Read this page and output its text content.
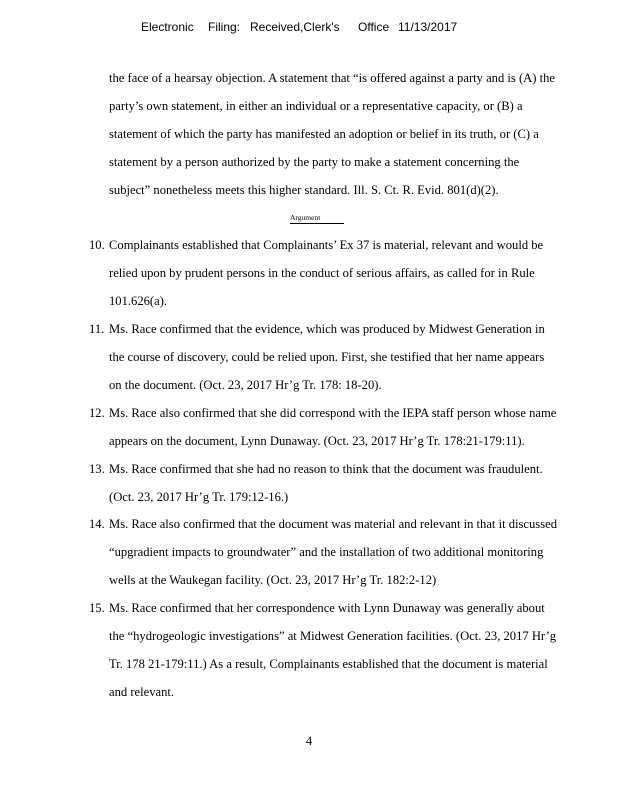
Electronic Filing: Received,Clerk's Office 11/13/2017
the face of a hearsay objection. A statement that “is offered against a party and is (A) the
party’s own statement, in either an individual or a representative capacity, or (B) a
statement of which the party has manifested an adoption or belief in its truth, or (C) a
statement by a person authorized by the party to make a statement concerning the
subject” nonetheless meets this higher standard. Ill. S. Ct. R. Evid. 801(d)(2).
Argument
10. Complainants established that Complainants’ Ex 37 is material, relevant and would be
relied upon by prudent persons in the conduct of serious affairs, as called for in Rule
101.626(a).
11. Ms. Race confirmed that the evidence, which was produced by Midwest Generation in
the course of discovery, could be relied upon. First, she testified that her name appears
on the document. (Oct. 23, 2017 Hr’g Tr. 178: 18-20).
12. Ms. Race also confirmed that she did correspond with the IEPA staff person whose name
appears on the document, Lynn Dunaway. (Oct. 23, 2017 Hr’g Tr. 178:21-179:11).
13. Ms. Race confirmed that she had no reason to think that the document was fraudulent.
(Oct. 23, 2017 Hr’g Tr. 179:12-16.)
14. Ms. Race also confirmed that the document was material and relevant in that it discussed
“upgradient impacts to groundwater” and the installation of two additional monitoring
wells at the Waukegan facility. (Oct. 23, 2017 Hr’g Tr. 182:2-12)
15. Ms. Race confirmed that her correspondence with Lynn Dunaway was generally about
the “hydrogeologic investigations” at Midwest Generation facilities. (Oct. 23, 2017 Hr’g
Tr. 178 21-179:11.) As a result, Complainants established that the document is material
and relevant.
4
